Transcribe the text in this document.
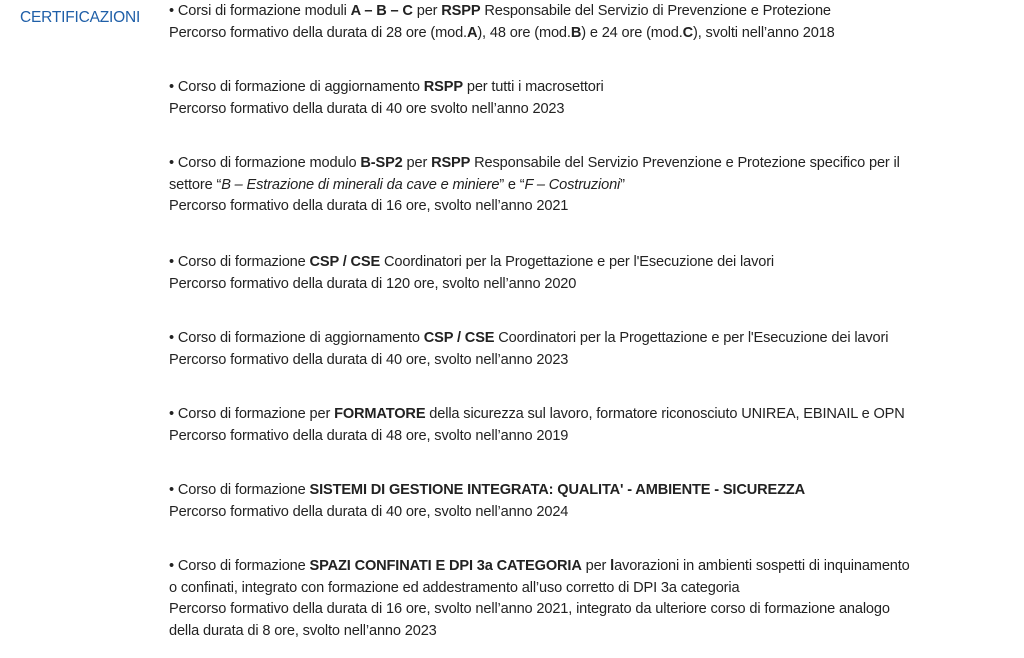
CERTIFICAZIONI • Corsi di formazione moduli A – B – C per RSPP Responsabile del Servizio di Prevenzione e Protezione
Percorso formativo della durata di 28 ore (mod.A), 48 ore (mod.B) e 24 ore (mod.C), svolti nell’anno 2018
• Corso di formazione di aggiornamento RSPP per tutti i macrosettori
Percorso formativo della durata di 40 ore svolto nell’anno 2023
• Corso di formazione modulo B-SP2 per RSPP Responsabile del Servizio Prevenzione e Protezione specifico per il
settore “B – Estrazione di minerali da cave e miniere” e “F – Costruzioni”
Percorso formativo della durata di 16 ore, svolto nell’anno 2021
• Corso di formazione CSP / CSE Coordinatori per la Progettazione e per l'Esecuzione dei lavori
Percorso formativo della durata di 120 ore, svolto nell’anno 2020
• Corso di formazione di aggiornamento CSP / CSE Coordinatori per la Progettazione e per l'Esecuzione dei lavori
Percorso formativo della durata di 40 ore, svolto nell’anno 2023
• Corso di formazione per FORMATORE della sicurezza sul lavoro, formatore riconosciuto UNIREA, EBINAIL e OPN
Percorso formativo della durata di 48 ore, svolto nell’anno 2019
• Corso di formazione SISTEMI DI GESTIONE INTEGRATA: QUALITA' - AMBIENTE - SICUREZZA
Percorso formativo della durata di 40 ore, svolto nell’anno 2024
• Corso di formazione SPAZI CONFINATI E DPI 3a CATEGORIA per lavorazioni in ambienti sospetti di inquinamento
o confinati, integrato con formazione ed addestramento all’uso corretto di DPI 3a categoria
Percorso formativo della durata di 16 ore, svolto nell’anno 2021, integrato da ulteriore corso di formazione analogo
della durata di 8 ore, svolto nell’anno 2023
